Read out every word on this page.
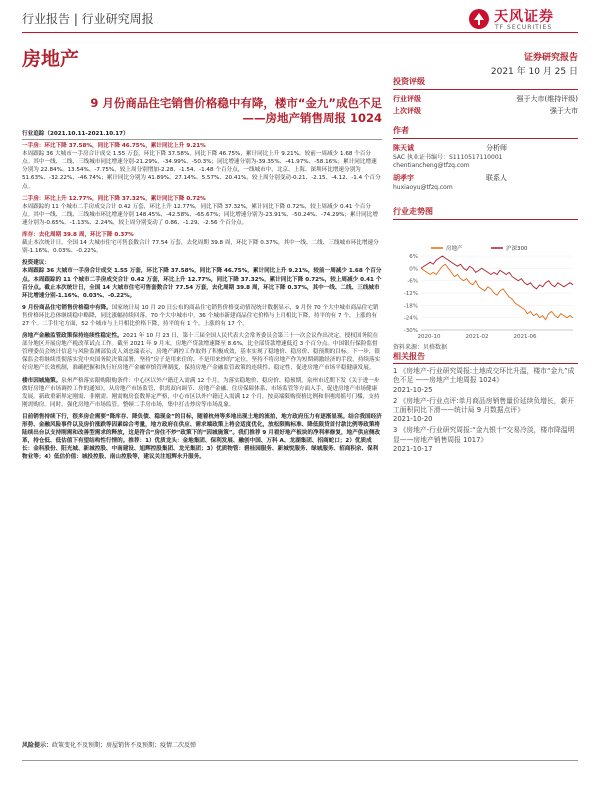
行业报告 | 行业研究周报	天风证券
TF SECURITIES
房地产	证券研究报告
2021 年 10 月 25 日
9 月份商品住宅销售价格稳中有降，楼市“金九”成色不足
——房地产销售周报 1024
行业追踪（2021.10.11-2021.10.17）

一手房：环比下降 37.58%，同比下降 46.75%，累计同比上升 9.21%
本周跟踪 36 大城市一手房合计成交 1.55 万套，环比下降 37.58%，同比下降 46.75%，累计同比上升 9.21%，较前一周减少 1.68 个百分点。其中一线、二线、三线城市同比增速分别-21.29%、-34.99%、-50.3%；同比增速分别为-39.35%、-41.97%、-58.16%；累计同比增速分别为 22.84%、13.54%、-7.75%，较上周分别增加-2.28、-1.54、-1.48 个百分点，一线城市中，北京、上海、深圳环比增速分别为 51.63%、-32.22%、-46.74%；累计同比分别为 41.89%、27.14%、5.57%、20.41%，较上周分别变动-0.21、-2.15、-4.12、-1.4 个百分点。

二手房：环比上升 12.77%，同比下降 37.32%，累计同比下降 0.72%
本周跟踪的 11 个城市二手房成交合计 0.42 万套，环比上升 12.77%，同比下降 37.32%，累计同比下降 0.72%，较上周减少 0.41 个百分点。其中一线、二线、三线城市环比增速分别 148.45%、-42.58%、-65.67%；同比增速分别为-23.91%、-50.24%、-74.29%；累计同比增速分别为-0.65%、-1.13%、2.24%，较上周分别变动了 0.86、-1.29、-2.56 个百分点。

库存：去化周期 39.8 周，环比下降 0.37%
截止本次统计日，全国 14 大城市住宅可售套数合计 77.54 万套，去化周期 39.8 周，环比下降 0.37%，其中一线、二线、三线城市环比增速分别-1.16%、0.03%、-0.22%。

投资建议：
本周跟踪 36 大城市一手房合计成交 1.55 万套，环比下降 37.58%，同比下降 46.75%，累计同比上升 9.21%，较前一周减少 1.68 个百分点。本周跟踪的 11 个城市二手房成交合计 0.42 万套，环比上升 12.77%，同比下降 37.32%，累计同比下降 0.72%，较上周减少 0.41 个百分点。截止本次统计日，全国 14 大城市住宅可售套数合计 77.54 万套，去化周期 39.8 周，环比下降 0.37%，其中一线、二线、三线城市环比增速分别-1.16%、0.03%、-0.22%。

9 月份商品住宅销售价格稳中有降。国家统计局 10 月 20 日公布的商品住宅销售价格变动情况统计数据显示，9 月份 70 个大中城市商品住宅销售价格环比总体继续稳中略降，同比涨幅持续回落。70 个大中城市中，36 个城市新建商品住宅价格与上月相比下降，持平的有 7 个，上涨的有 27 个。二手住宅方面，52 个城市与上月相比价格下降，持平的有 1 个，上涨的有 17 个。

房地产金融监管政策保持连续性稳定性。2021 年 10 月 23 日，第十三届全国人民代表大会常务委员会第三十一次会议作出决定，授权国务院在部分地区开展房地产税改革试点工作。截至 2021 年 9 月末，房地产贷款增速降至 8.6%，比全部贷款增速低近 3 个百分点。中国银行保险监督管理委员会统计信息与风险监测部负责人刘忠瑞表示，房地产调控工作取得了积极成效，基本实现了稳地价、稳房价、稳预期的目标。下一步，银保监会将继续贯彻落实党中央国务院决策部署，坚持“房子是用来住的、不是用来炒的”定位，坚持不将房地产作为短期刺激经济的手段，持续落实好房地产长效机制，准确把握和执行好房地产金融审慎管理制度，保持房地产金融监管政策的连续性、稳定性，促进房地产市场平稳健康发展。

楼市因城施策。泉州严格落实限购限购条件：中心区以外户籍迁入需满 12 个月。为落实稳地价、稳房价、稳预期，泉州市近期下发《关于进一步做好房地产市场调控工作的通知》，从房地产市场监管、供需双向调节、房地产金融、住房保障体系、市场监管等方面入手，促进房地产市场健康发展。新政重新界定刚需、非刚需。刚需购房套数界定严格，中心市区以外户籍迁入需满 12 个月，按高端限购资格比例和非刚需摇号门槛，支持刚需购房。同时，强化房地产市场监管，整顿二手房市场，集中打击炒房等市场乱象。

目前销售持续下行，很多房企需要“降库存、降负债、稳现金”的目标，随着杭州等多地出现土地的流拍，地方政府压力有逐渐显现。结合我国经济形势、金融风险事件以及房价涨跌等因素综合考量，地方政府在供应、需求端政策上将会适度优化，放松限购标准、降低限贷首付款比例等政策将陆续出台以支持刚需和改善型需求的释放，这是符合“房住不炒”政策下的“因城施策”。我们推荐 9 月看好地产板块的净利率修复，地产供应侧改革，持仓低、低估值下有望结构性行情的。推荐：1）优质龙头：金地集团、保利发展、融创中国、万科 A、龙湖集团、招商蛇口；2）优质成长：金科股份、阳光城、新城控股、中南建设、旭辉控股集团、龙光集团；3）优质物管：碧桂园服务、新城悦服务、绿城服务、招商积余、保利物业等；4）低估价值：城投控股、南山控股等，建议关注旭辉永升服务。

风险提示：政策变化不及预期；房屋销售不及预期；疫情二次反弹
投资评级
行业评级	强于大市(维持评级)
上次评级	强于大市
作者
陈天诚	分析师
SAC 执业证书编号：S1110517110001
chentiancheng@tfzq.com
胡孝宇	联系人
huxiaoyu@tfzq.com
行业走势图
6%
0%
-6%
-12%
-18%
-24%
-30%
2020-10	2021-02	2021-06
房地产	沪深300
资料来源：贝格数据
相关报告
1 《房地产-行业研究周报:土地成交环比升温，楼市“金九”成色不足 ——房地产土地周报 1024》
2021-10-25
2 《房地产-行业点评:单月商品房销售量价延续负增长，新开工面积同比下滑——统计局 9 月数据点评》
2021-10-20
3 《房地产-行业研究周报:“金九银十”交易冷淡，楼市降温明显——房地产销售周报 1017》
2021-10-17
